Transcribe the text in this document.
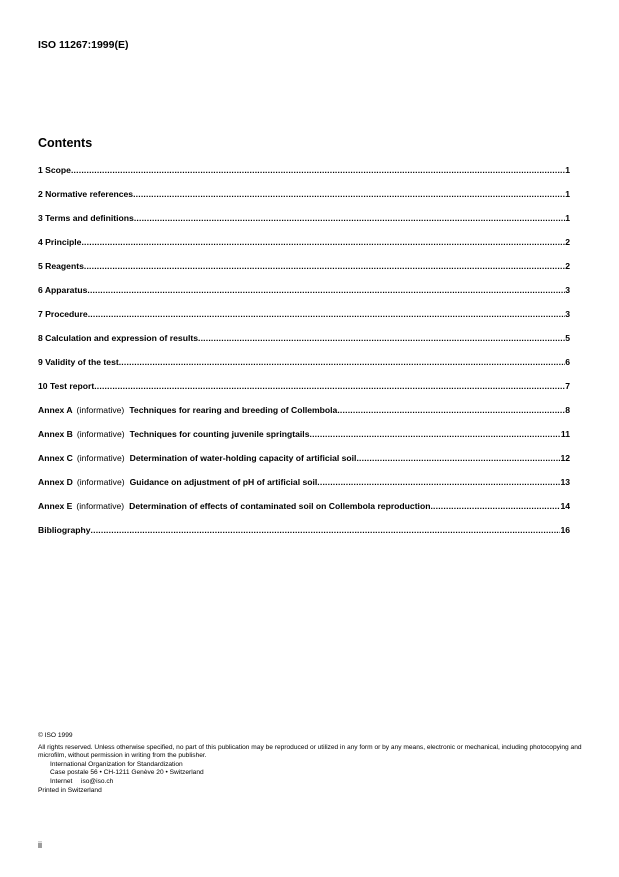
ISO 11267:1999(E)
Contents
1 Scope .....	1
2 Normative references .....	1
3 Terms and definitions .....	1
4 Principle .....	2
5 Reagents .....	2
6 Apparatus .....	3
7 Procedure .....	3
8 Calculation and expression of results .....	5
9 Validity of the test .....	6
10 Test report .....	7
Annex A (informative) Techniques for rearing and breeding of Collembola .....	8
Annex B (informative) Techniques for counting juvenile springtails .....	11
Annex C (informative) Determination of water-holding capacity of artificial soil .....	12
Annex D (informative) Guidance on adjustment of pH of artificial soil .....	13
Annex E (informative) Determination of effects of contaminated soil on Collembola reproduction .....	14
Bibliography .....	16
© ISO 1999
All rights reserved. Unless otherwise specified, no part of this publication may be reproduced or utilized in any form or by any means, electronic or mechanical, including photocopying and microfilm, without permission in writing from the publisher.
International Organization for Standardization
Case postale 56 • CH-1211 Genève 20 • Switzerland
Internet iso@iso.ch
Printed in Switzerland
ii
